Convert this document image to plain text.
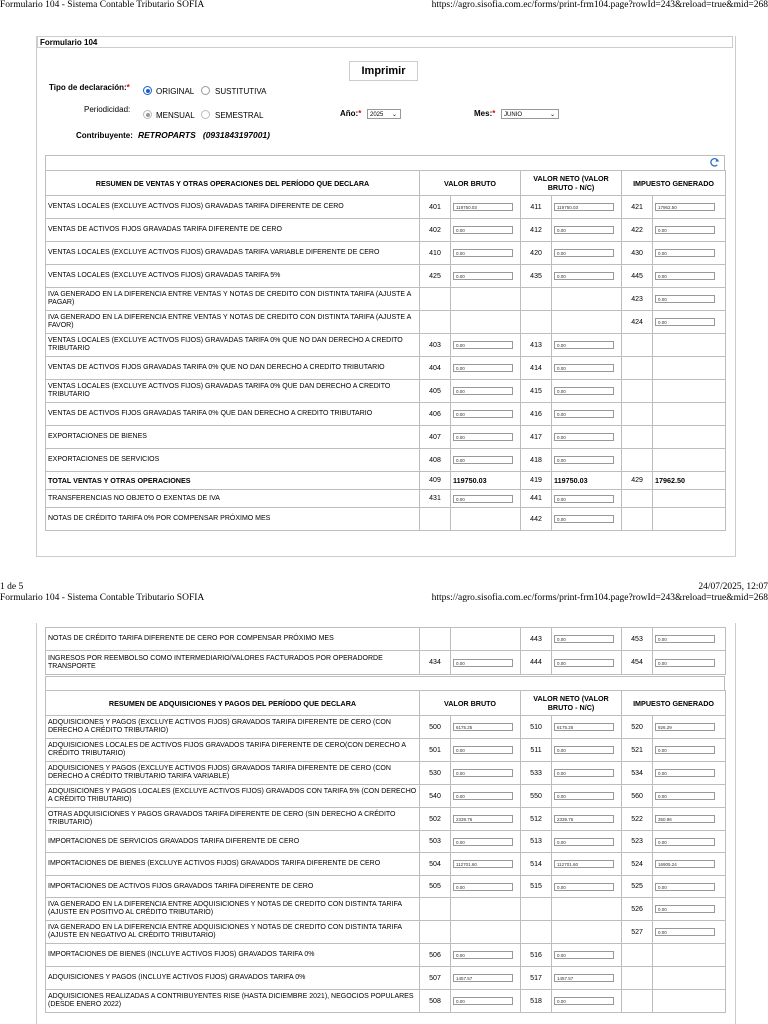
Formulario 104 - Sistema Contable Tributario SOFIA	https://agro.sisofia.com.ec/forms/print-frm104.page?rowId=243&reload=true&mid=268
Formulario 104
Imprimir
Tipo de declaración:*	ORIGINAL	SUSTITUTIVA
Periodicidad:
MENSUAL	SEMESTRAL	Año:*	2025 ⌄	Mes:*	JUNIO	⌄
Contribuyente: RETROPARTS   (0931843197001)
RESUMEN DE VENTAS Y OTRAS OPERACIONES DEL PERÍODO QUE DECLARA	VALOR BRUTO		VALOR NETO (VALOR BRUTO - N/C)		IMPUESTO GENERADO	
VENTAS LOCALES (EXCLUYE ACTIVOS FIJOS) GRAVADAS TARIFA DIFERENTE DE CERO	401	119750.03	411	119750.03	421	17962.50

VENTAS DE ACTIVOS FIJOS GRAVADAS TARIFA DIFERENTE DE CERO	402	0.00	412	0.00	422	0.00

VENTAS LOCALES (EXCLUYE ACTIVOS FIJOS) GRAVADAS TARIFA VARIABLE DIFERENTE DE CERO	410	0.00	420	0.00	430	0.00

VENTAS LOCALES (EXCLUYE ACTIVOS FIJOS) GRAVADAS TARIFA 5%	425	0.00	435	0.00	445	0.00

IVA GENERADO EN LA DIFERENCIA ENTRE VENTAS Y NOTAS DE CREDITO CON DISTINTA TARIFA (AJUSTE A PAGAR)					423	0.00

IVA GENERADO EN LA DIFERENCIA ENTRE VENTAS Y NOTAS DE CREDITO CON DISTINTA TARIFA (AJUSTE A FAVOR)					424	0.00

VENTAS LOCALES (EXCLUYE ACTIVOS FIJOS) GRAVADAS TARIFA 0% QUE NO DAN DERECHO A CREDITO TRIBUTARIO	403	0.00	413	0.00		

VENTAS DE ACTIVOS FIJOS GRAVADAS TARIFA 0% QUE NO DAN DERECHO A CREDITO TRIBUTARIO	404	0.00	414	0.00		

VENTAS LOCALES (EXCLUYE ACTIVOS FIJOS) GRAVADAS TARIFA 0% QUE DAN DERECHO A CREDITO TRIBUTARIO	405	0.00	415	0.00		

VENTAS DE ACTIVOS FIJOS GRAVADAS TARIFA 0% QUE DAN DERECHO A CREDITO TRIBUTARIO	406	0.00	416	0.00		

EXPORTACIONES DE BIENES	407	0.00	417	0.00		

EXPORTACIONES DE SERVICIOS	408	0.00	418	0.00		

TOTAL VENTAS Y OTRAS OPERACIONES	409	119750.03	419	119750.03	429	17962.50
TRANSFERENCIAS NO OBJETO O EXENTAS DE IVA	431	0.00	441	0.00		

NOTAS DE CRÉDITO TARIFA 0% POR COMPENSAR PRÓXIMO MES			442	0.00		

1 de 5	24/07/2025, 12:07
Formulario 104 - Sistema Contable Tributario SOFIA	https://agro.sisofia.com.ec/forms/print-frm104.page?rowId=243&reload=true&mid=268
NOTAS DE CRÉDITO TARIFA DIFERENTE DE CERO POR COMPENSAR PRÓXIMO MES			443	0.00	453	0.00

INGRESOS POR REEMBOLSO COMO INTERMEDIARIO/VALORES FACTURADOS POR OPERADORDE TRANSPORTE	434	0.00	444	0.00	454	0.00
RESUMEN DE ADQUISICIONES Y PAGOS DEL PERÍODO QUE DECLARA	VALOR BRUTO		VALOR NETO (VALOR BRUTO - N/C)		IMPUESTO GENERADO	
ADQUISICIONES Y PAGOS (EXCLUYE ACTIVOS FIJOS) GRAVADOS TARIFA DIFERENTE DE CERO (CON DERECHO A CRÉDITO TRIBUTARIO)	500	6175.25	510	6175.25	520	926.29

ADQUISICIONES LOCALES DE ACTIVOS FIJOS GRAVADOS TARIFA DIFERENTE DE CERO(CON DERECHO A CRÉDITO TRIBUTARIO)	501	0.00	511	0.00	521	0.00

ADQUISICIONES Y PAGOS (EXCLUYE ACTIVOS FIJOS) GRAVADOS TARIFA DIFERENTE DE CERO (CON DERECHO A CRÉDITO TRIBUTARIO TARIFA VARIABLE)	530	0.00	533	0.00	534	0.00

ADQUISICIONES Y PAGOS LOCALES (EXCLUYE ACTIVOS FIJOS) GRAVADOS CON TARIFA 5% (CON DERECHO A CRÉDITO TRIBUTARIO)	540	0.00	550	0.00	560	0.00

OTRAS ADQUISICIONES Y PAGOS GRAVADOS TARIFA DIFERENTE DE CERO (SIN DERECHO A CRÉDITO TRIBUTARIO)	502	2339.76	512	2339.76	522	350.96

IMPORTACIONES DE SERVICIOS GRAVADOS TARIFA DIFERENTE DE CERO	503	0.00	513	0.00	523	0.00

IMPORTACIONES DE BIENES (EXCLUYE ACTIVOS FIJOS) GRAVADOS TARIFA DIFERENTE DE CERO	504	112701.60	514	112701.60	524	16905.24

IMPORTACIONES DE ACTIVOS FIJOS GRAVADOS TARIFA DIFERENTE DE CERO	505	0.00	515	0.00	525	0.00

IVA GENERADO EN LA DIFERENCIA ENTRE ADQUISICIONES Y NOTAS DE CREDITO CON DISTINTA TARIFA (AJUSTE EN POSITIVO AL CRÉDITO TRIBUTARIO)					526	0.00

IVA GENERADO EN LA DIFERENCIA ENTRE ADQUISICIONES Y NOTAS DE CREDITO CON DISTINTA TARIFA (AJUSTE EN NEGATIVO AL CRÉDITO TRIBUTARIO)					527	0.00

IMPORTACIONES DE BIENES (INCLUYE ACTIVOS FIJOS) GRAVADOS TARIFA 0%	506	0.00	516	0.00		

ADQUISICIONES Y PAGOS (INCLUYE ACTIVOS FIJOS) GRAVADOS TARIFA 0%	507	1457.57	517	1457.57		

ADQUISICIONES REALIZADAS A CONTRIBUYENTES RISE (HASTA DICIEMBRE 2021), NEGOCIOS POPULARES (DESDE ENERO 2022)	508	0.00	518	0.00		
